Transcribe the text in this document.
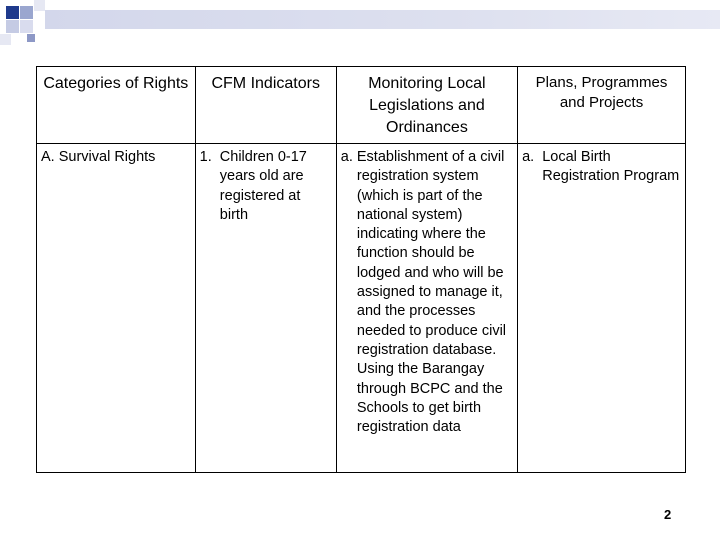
Categories of Rights	CFM Indicators	Monitoring Local Legislations and Ordinances	Plans, Programmes and Projects
A. Survival Rights	1. Children 0-17 years old are registered at birth	a. Establishment of a civil registration system (which is part of the national system) indicating where the function should be lodged and who will be assigned to manage it, and the processes needed to produce civil registration database. Using the Barangay through BCPC and the Schools to get birth registration data	a. Local Birth Registration Program
2
